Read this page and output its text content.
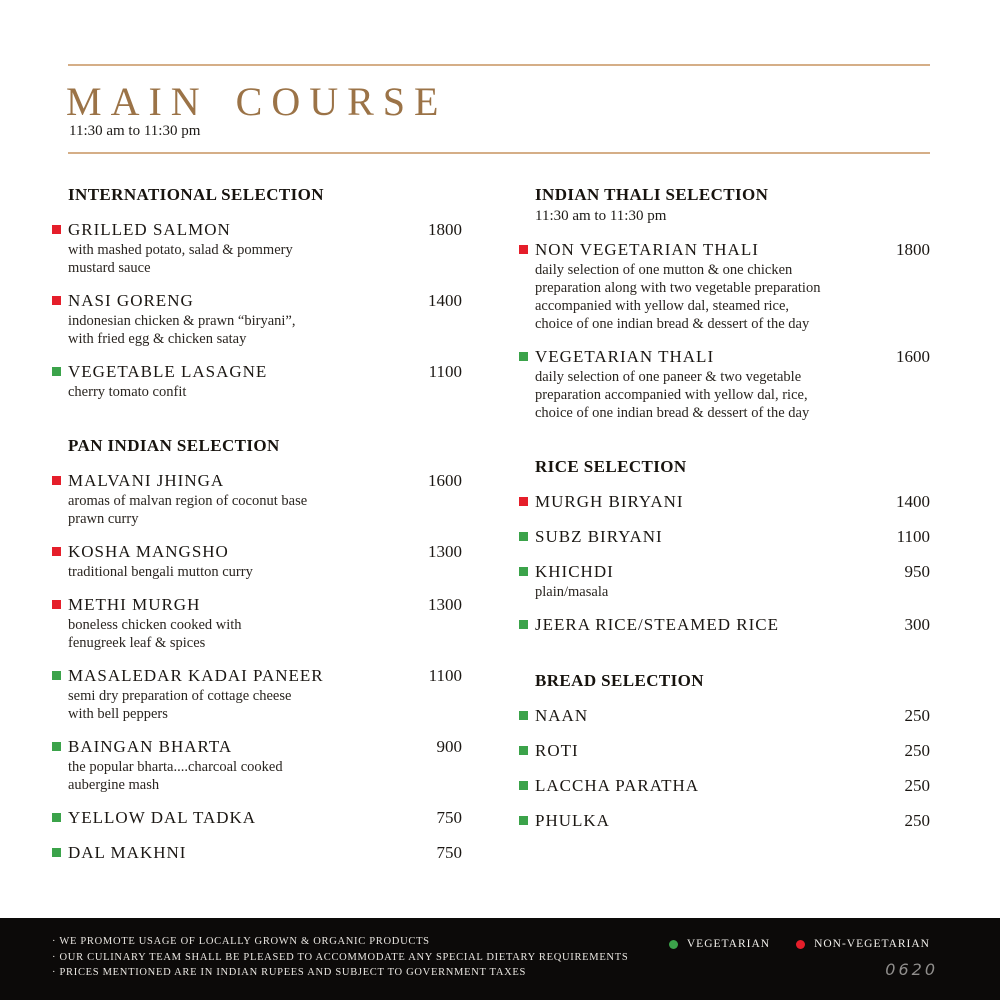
MAIN COURSE
11:30 am to 11:30 pm
INTERNATIONAL SELECTION
GRILLED SALMON	1800
with mashed potato, salad & pommery
mustard sauce
NASI GORENG	1400
indonesian chicken & prawn “biryani”,
with fried egg & chicken satay
VEGETABLE LASAGNE	1100
cherry tomato confit
PAN INDIAN SELECTION
MALVANI JHINGA	1600
aromas of malvan region of coconut base
prawn curry
KOSHA MANGSHO	1300
traditional bengali mutton curry
METHI MURGH	1300
boneless chicken cooked with
fenugreek leaf & spices
MASALEDAR KADAI PANEER	1100
semi dry preparation of cottage cheese
with bell peppers
BAINGAN BHARTA	900
the popular bharta....charcoal cooked
aubergine mash
YELLOW DAL TADKA	750
DAL MAKHNI	750
INDIAN THALI SELECTION
11:30 am to 11:30 pm
NON VEGETARIAN THALI	1800
daily selection of one mutton & one chicken
preparation along with two vegetable preparation
accompanied with yellow dal, steamed rice,
choice of one indian bread & dessert of the day
VEGETARIAN THALI	1600
daily selection of one paneer & two vegetable
preparation accompanied with yellow dal, rice,
choice of one indian bread & dessert of the day
RICE SELECTION
MURGH BIRYANI	1400
SUBZ BIRYANI	1100
KHICHDI	950
plain/masala
JEERA RICE/STEAMED RICE	300
BREAD SELECTION
NAAN	250
ROTI	250
LACCHA PARATHA	250
PHULKA	250
· WE PROMOTE USAGE OF LOCALLY GROWN & ORGANIC PRODUCTS
· OUR CULINARY TEAM SHALL BE PLEASED TO ACCOMMODATE ANY SPECIAL DIETARY REQUIREMENTS
· PRICES MENTIONED ARE IN INDIAN RUPEES AND SUBJECT TO GOVERNMENT TAXES
VEGETARIAN	NON-VEGETARIAN
0620
